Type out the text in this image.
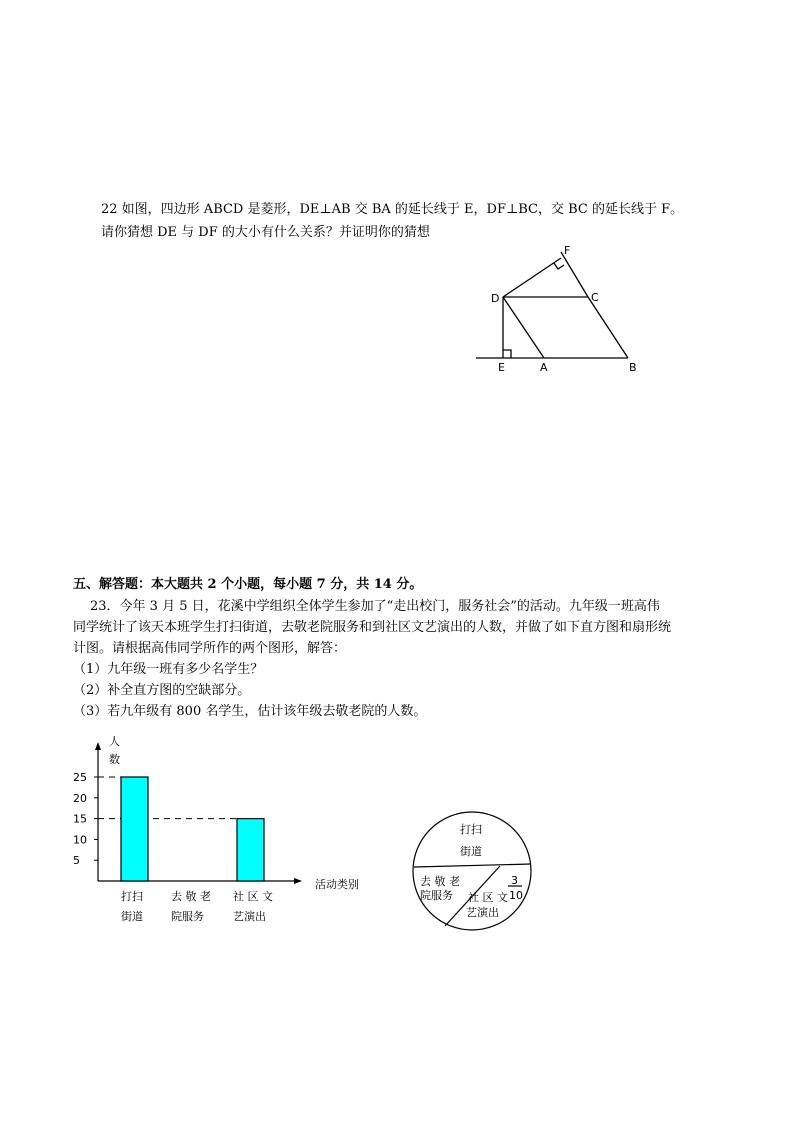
22 如图，四边形 ABCD 是菱形，DE⊥AB 交 BA 的延长线于 E，DF⊥BC，交 BC 的延长线于 F。
请你猜想 DE 与 DF 的大小有什么关系？并证明你的猜想
五、解答题：本大题共 2 个小题，每小题 7 分，共 14 分。
23．今年 3 月 5 日，花溪中学组织全体学生参加了“走出校门，服务社会”的活动。九年级一班高伟
同学统计了该天本班学生打扫街道，去敬老院服务和到社区文艺演出的人数，并做了如下直方图和扇形统
计图。请根据高伟同学所作的两个图形，解答：
（1）九年级一班有多少名学生？
（2）补全直方图的空缺部分。
（3）若九年级有 800 名学生，估计该年级去敬老院的人数。
D	C
F
E	A	B
人
数
活动类别
25
20
15
10
5
打扫
街道
去 敬 老
院服务
社 区 文
艺演出
打扫
街道
去 敬 老
院服务 社 区 文
艺演出
3
10
